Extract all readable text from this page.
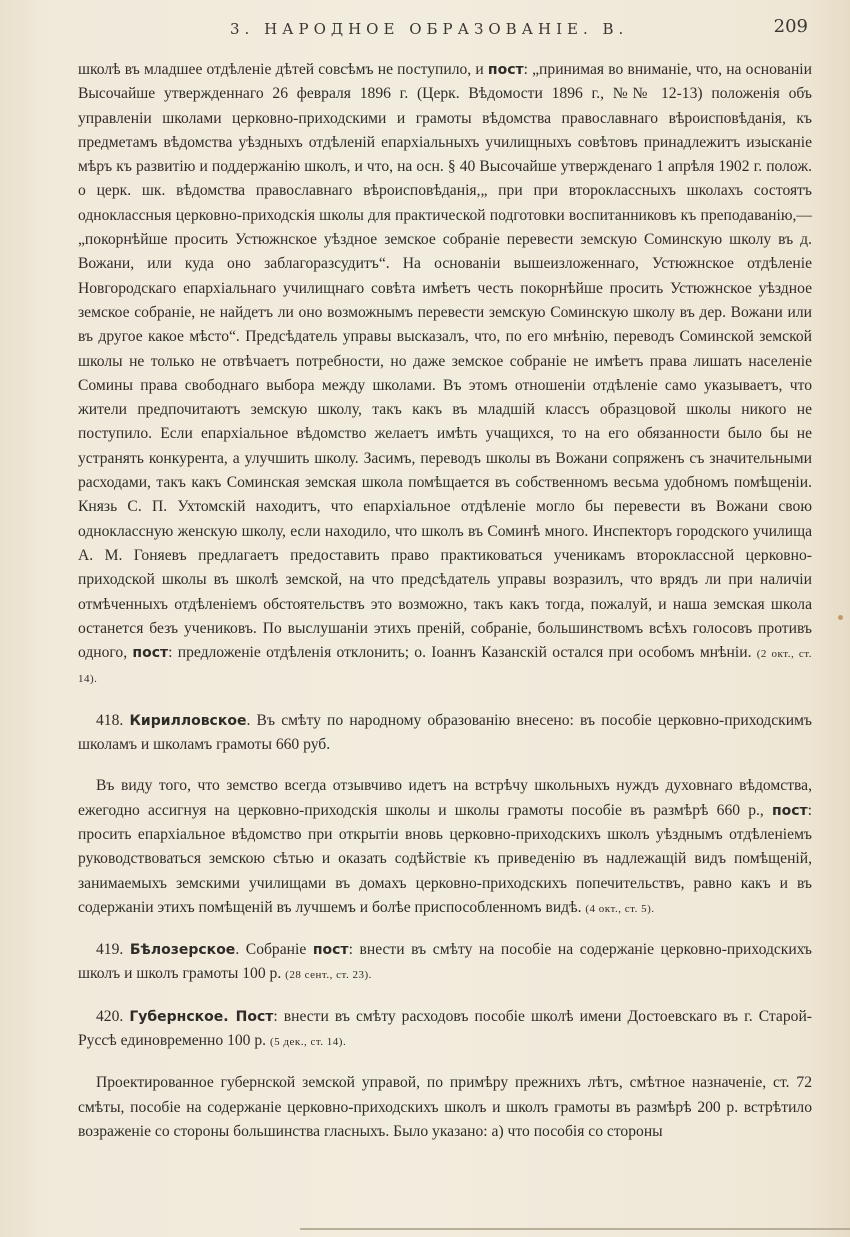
3. НАРОДНОЕ ОБРАЗОВАНІЕ. В.	209

школѣ въ младшее отдѣленіе дѣтей совсѣмъ не поступило, и пост: „принимая во вниманіе, что, на основаніи Высочайше утвержденнаго 26 февраля 1896 г. (Церк. Вѣдомости 1896 г., №№ 12-13) положенія объ управленіи школами церковно-приходскими и грамоты вѣдомства православнаго вѣроисповѣданія, къ предметамъ вѣдомства уѣздныхъ отдѣленій епархіальныхъ училищныхъ совѣтовъ принадлежитъ изысканіе мѣръ къ развитію и поддержанію школъ, и что, на осн. § 40 Высочайше утвержденаго 1 апрѣля 1902 г. полож. о церк. шк. вѣдомства православнаго вѣроисповѣданія,„ при при второклассныхъ школахъ состоятъ одноклассныя церковно-приходскія школы для практической подготовки воспитанниковъ къ преподаванію,— „покорнѣйше просить Устюжнское уѣздное земское собраніе перевести земскую Соминскую школу въ д. Вожани, или куда оно заблагоразсудитъ“. На основаніи вышеизложеннаго, Устюжнское отдѣленіе Новгородскаго епархіальнаго училищнаго совѣта имѣетъ честь покорнѣйше просить Устюжнское уѣздное земское собраніе, не найдетъ ли оно возможнымъ перевести земскую Соминскую школу въ дер. Вожани или въ другое какое мѣсто“. Предсѣдатель управы высказалъ, что, по его мнѣнію, переводъ Соминской земской школы не только не отвѣчаетъ потребности, но даже земское собраніе не имѣетъ права лишать населеніе Сомины права свободнаго выбора между школами. Въ этомъ отношеніи отдѣленіе само указываетъ, что жители предпочитаютъ земскую школу, такъ какъ въ младшій классъ образцовой школы никого не поступило. Если епархіальное вѣдомство желаетъ имѣть учащихся, то на его обязанности было бы не устранять конкурента, а улучшить школу. Засимъ, переводъ школы въ Вожани сопряженъ съ значительными расходами, такъ какъ Соминская земская школа помѣщается въ собственномъ весьма удобномъ помѣщеніи. Князь С. П. Ухтомскій находитъ, что епархіальное отдѣленіе могло бы перевести въ Вожани свою одноклассную женскую школу, если находило, что школъ въ Соминѣ много. Инспекторъ городского училища А. М. Гоняевъ предлагаетъ предоставить право практиковаться ученикамъ второклассной церковно-приходской школы въ школѣ земской, на что предсѣдатель управы возразилъ, что врядъ ли при наличіи отмѣченныхъ отдѣленіемъ обстоятельствъ это возможно, такъ какъ тогда, пожалуй, и наша земская школа останется безъ учениковъ. По выслушаніи этихъ преній, собраніе, большинствомъ всѣхъ голосовъ противъ одного, пост: предложеніе отдѣленія отклонить; о. Іоаннъ Казанскій остался при особомъ мнѣніи. (2 окт., ст. 14).

418. Кирилловское. Въ смѣту по народному образованію внесено: въ пособіе церковно-приходскимъ школамъ и школамъ грамоты 660 руб.

Въ виду того, что земство всегда отзывчиво идетъ на встрѣчу школьныхъ нуждъ духовнаго вѣдомства, ежегодно ассигнуя на церковно-приходскія школы и школы грамоты пособіе въ размѣрѣ 660 р., пост: просить епархіальное вѣдомство при открытіи вновь церковно-приходскихъ школъ уѣзднымъ отдѣленіемъ руководствоваться земскою сѣтью и оказать содѣйствіе къ приведенію въ надлежащій видъ помѣщеній, занимаемыхъ земскими училищами въ домахъ церковно-приходскихъ попечительствъ, равно какъ и въ содержаніи этихъ помѣщеній въ лучшемъ и болѣе приспособленномъ видѣ. (4 окт., ст. 5).

419. Бѣлозерское. Собраніе пост: внести въ смѣту на пособіе на содержаніе церковно-приходскихъ школъ и школъ грамоты 100 р. (28 сент., ст. 23).

420. Губернское. Пост: внести въ смѣту расходовъ пособіе школѣ имени Достоевскаго въ г. Старой-Руссѣ единовременно 100 р. (5 дек., ст. 14).

Проектированное губернской земской управой, по примѣру прежнихъ лѣтъ, смѣтное назначеніе, ст. 72 смѣты, пособіе на содержаніе церковно-приходскихъ школъ и школъ грамоты въ размѣрѣ 200 р. встрѣтило возраженіе со стороны большинства гласныхъ. Было указано: а) что пособія со стороны
